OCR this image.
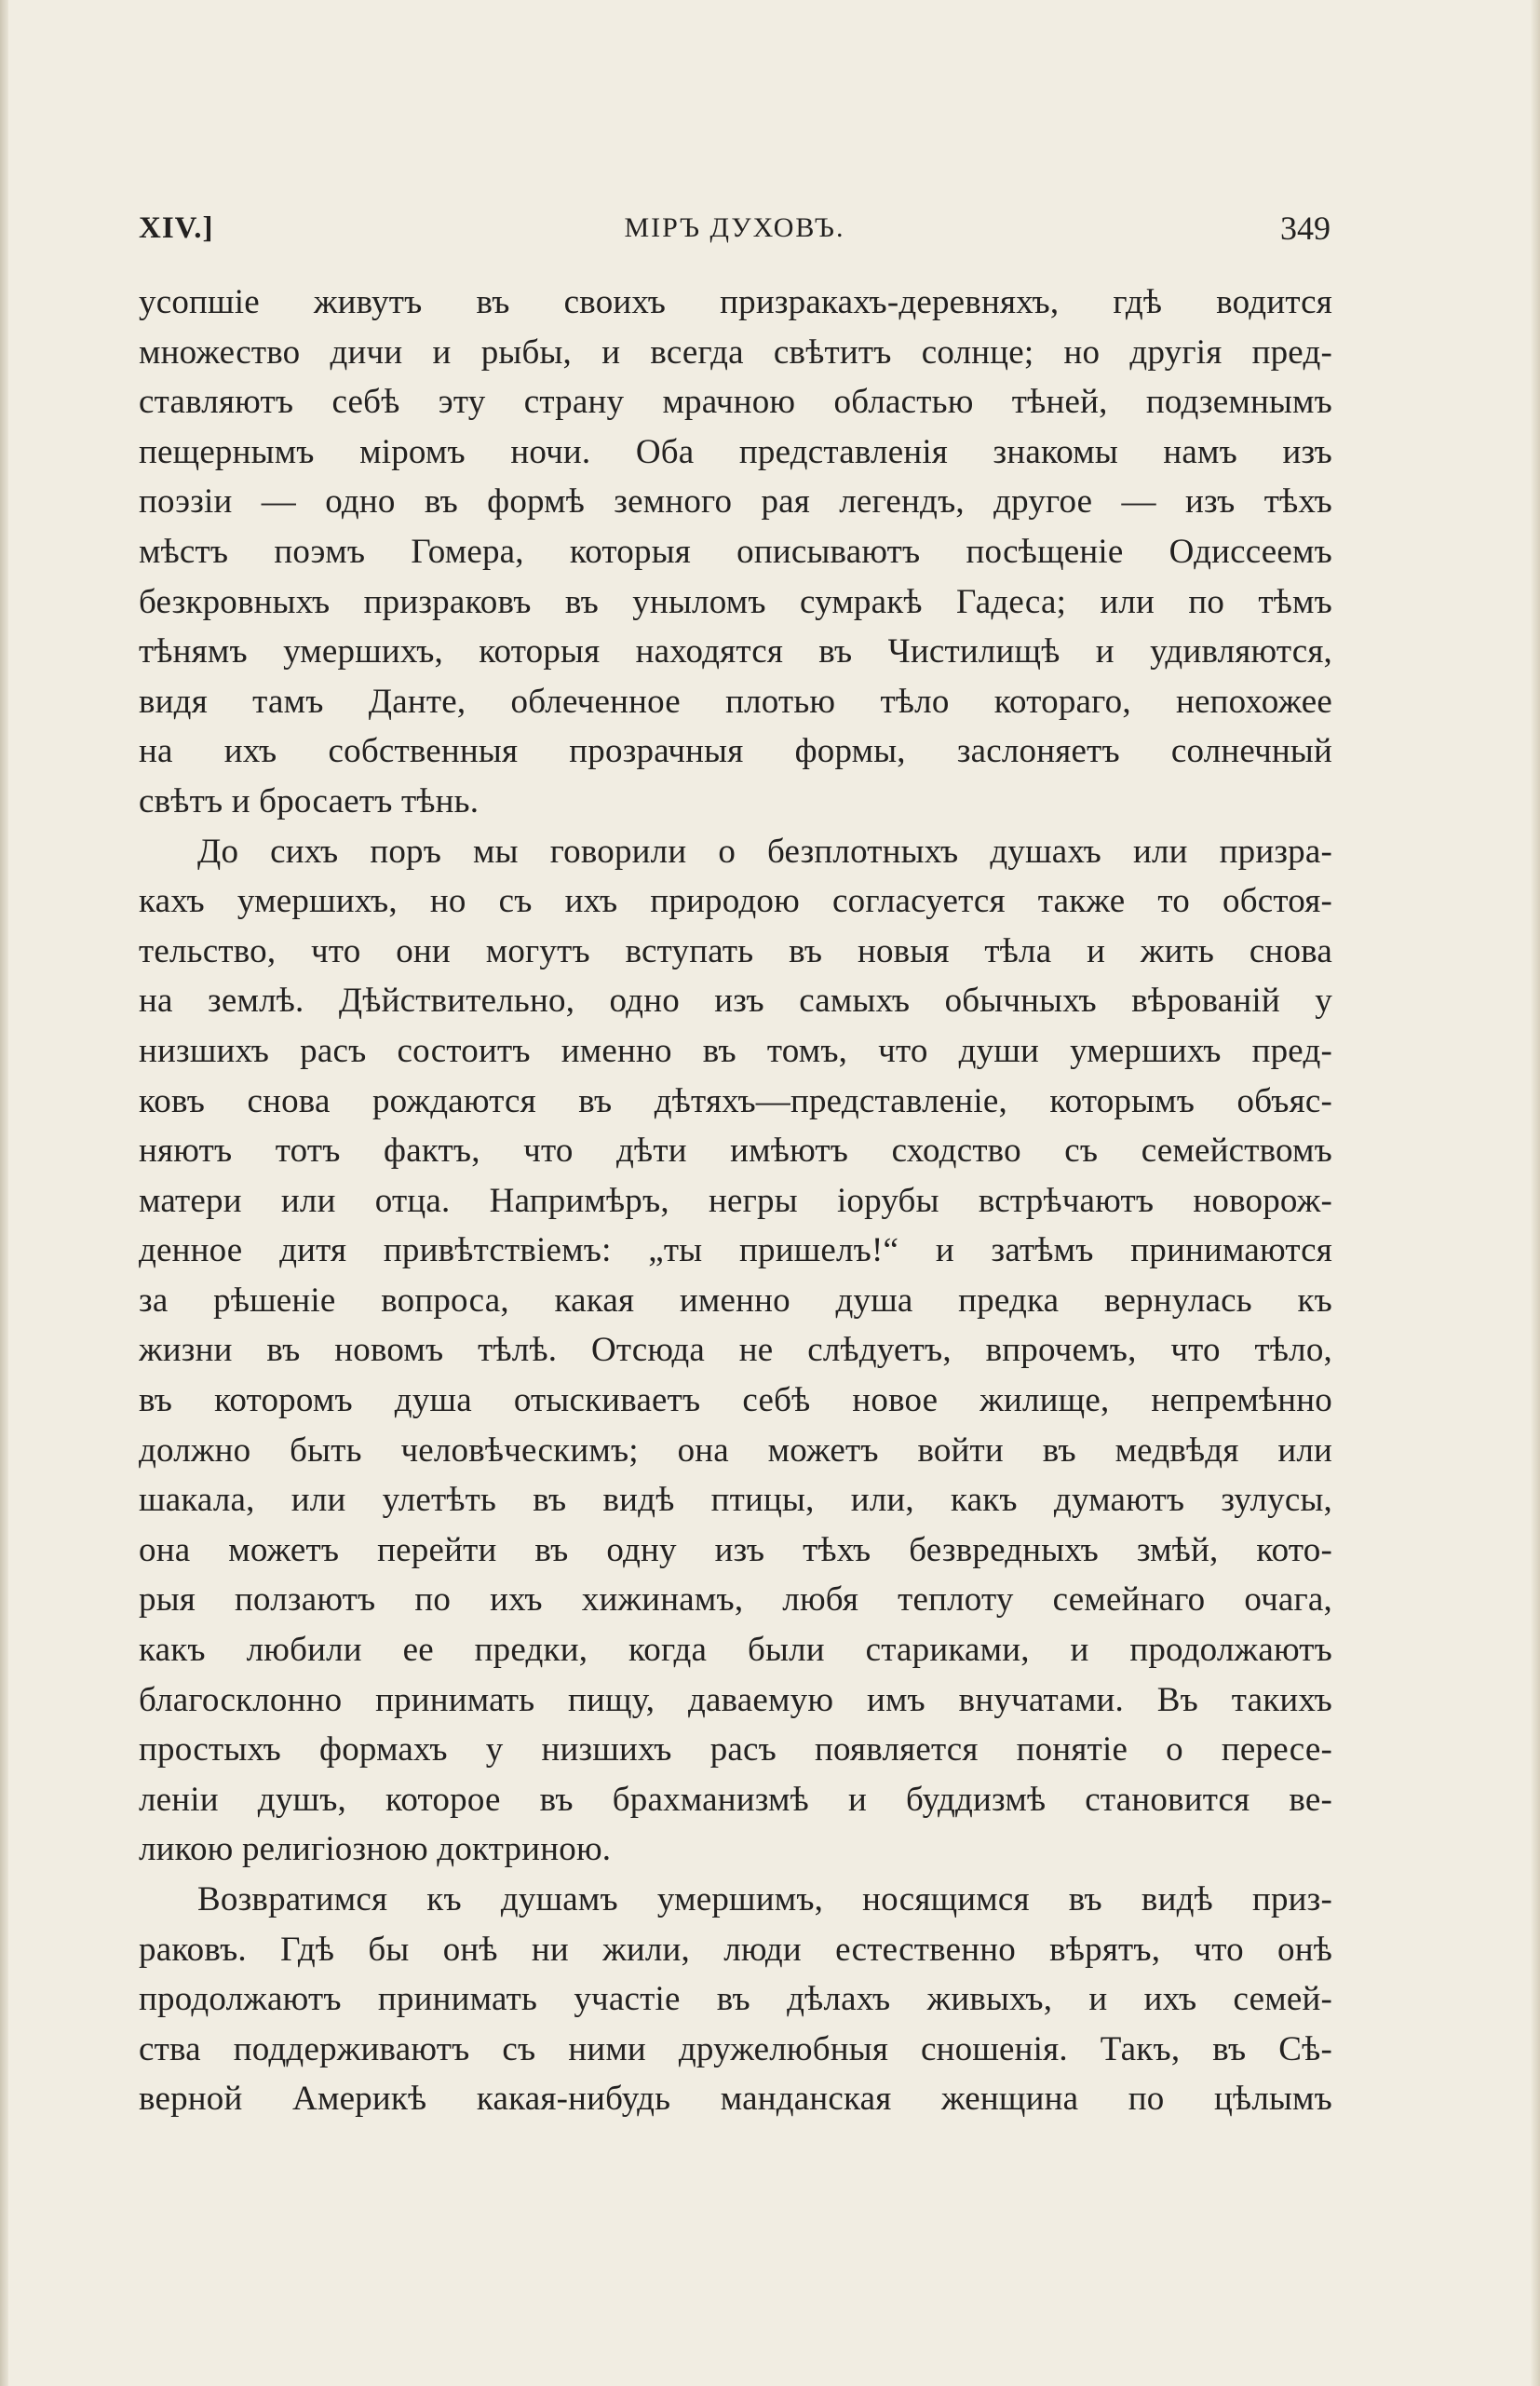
XIV.]	МIРЪ ДУХОВЪ.	349
усопшіе живутъ въ своихъ призракахъ-деревняхъ, гдѣ водится
множество дичи и рыбы, и всегда свѣтитъ солнце; но другія пред-
ставляютъ себѣ эту страну мрачною областью тѣней, подземнымъ
пещернымъ міромъ ночи. Оба представленія знакомы намъ изъ
поэзіи — одно въ формѣ земного рая легендъ, другое — изъ тѣхъ
мѣстъ поэмъ Гомера, которыя описываютъ посѣщеніе Одиссеемъ
безкровныхъ призраковъ въ уныломъ сумракѣ Гадеса; или по тѣмъ
тѣнямъ умершихъ, которыя находятся въ Чистилищѣ и удивляются,
видя тамъ Данте, облеченное плотью тѣло котораго, непохожее
на ихъ собственныя прозрачныя формы, заслоняетъ солнечный
свѣтъ и бросаетъ тѣнь.
До сихъ поръ мы говорили о безплотныхъ душахъ или призра-
кахъ умершихъ, но съ ихъ природою согласуется также то обстоя-
тельство, что они могутъ вступать въ новыя тѣла и жить снова
на землѣ. Дѣйствительно, одно изъ самыхъ обычныхъ вѣрованій у
низшихъ расъ состоитъ именно въ томъ, что души умершихъ пред-
ковъ снова рождаются въ дѣтяхъ—представленіе, которымъ объяс-
няютъ тотъ фактъ, что дѣти имѣютъ сходство съ семействомъ
матери или отца. Напримѣръ, негры іорубы встрѣчаютъ новорож-
денное дитя привѣтствіемъ: „ты пришелъ!“ и затѣмъ принимаются
за рѣшеніе вопроса, какая именно душа предка вернулась къ
жизни въ новомъ тѣлѣ. Отсюда не слѣдуетъ, впрочемъ, что тѣло,
въ которомъ душа отыскиваетъ себѣ новое жилище, непремѣнно
должно быть человѣческимъ; она можетъ войти въ медвѣдя или
шакала, или улетѣть въ видѣ птицы, или, какъ думаютъ зулусы,
она можетъ перейти въ одну изъ тѣхъ безвредныхъ змѣй, кото-
рыя ползаютъ по ихъ хижинамъ, любя теплоту семейнаго очага,
какъ любили ее предки, когда были стариками, и продолжаютъ
благосклонно принимать пищу, даваемую имъ внучатами. Въ такихъ
простыхъ формахъ у низшихъ расъ появляется понятіе о пересе-
леніи душъ, которое въ брахманизмѣ и буддизмѣ становится ве-
ликою религіозною доктриною.
Возвратимся къ душамъ умершимъ, носящимся въ видѣ приз-
раковъ. Гдѣ бы онѣ ни жили, люди естественно вѣрятъ, что онѣ
продолжаютъ принимать участіе въ дѣлахъ живыхъ, и ихъ семей-
ства поддерживаютъ съ ними дружелюбныя сношенія. Такъ, въ Сѣ-
верной Америкѣ какая-нибудь манданская женщина по цѣлымъ
